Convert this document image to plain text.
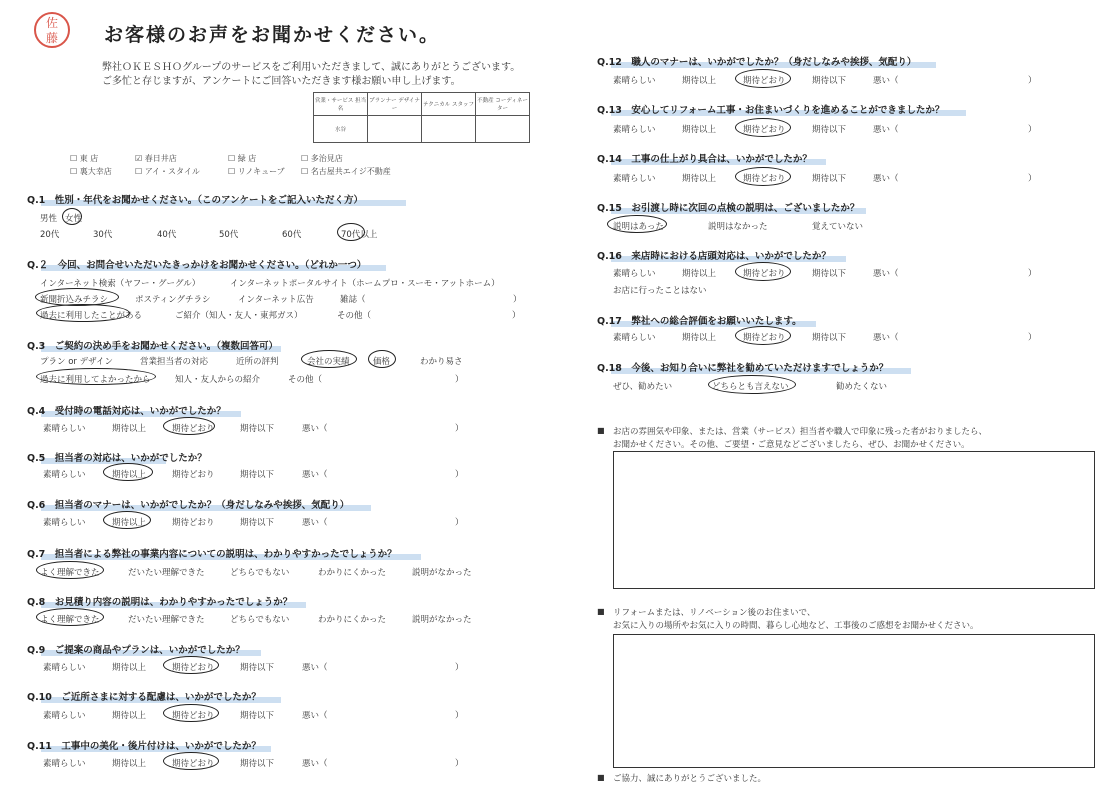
佐
藤	お客様のお声をお聞かせください。
弊社ＯＫＥＳＨＯグループのサービスをご利用いただきまして、誠にありがとうございます。
ご多忙と存じますが、アンケートにご回答いただきます様お願い申し上げます。
営業・サービス 担当名	プランナー デザイナー	テクニカル スタッフ	不動産 コーディネーター
水谷			
☐ 東 店	☑ 春日井店	☐ 緑 店	☐ 多治見店
☐ 裏大幸店	☐ アイ・スタイル	☐ リノキューブ ☐ 名古屋共エイジ不動産
Q.1　性別・年代をお聞かせください。（このアンケートをご記入いただく方）
男性 女性
20代	30代	40代	50代	60代	70代以上
Q.２　今回、お問合せいただいたきっかけをお聞かせください。（どれか一つ）
インターネット検索（ヤフー・グーグル）	インターネットポータルサイト（ホームプロ・スーモ・アットホーム）
新聞折込みチラシ	ポスティングチラシ	インターネット広告	雑誌（	）
過去に利用したことがある	ご紹介（知人・友人・東邦ガス）	その他（	）
Q.3　ご契約の決め手をお聞かせください。（複数回答可）
プラン or デザイン	営業担当者の対応	近所の評判	会社の実績	価格	わかり易さ
過去に利用してよかったから	知人・友人からの紹介	その他（	）
Q.4　受付時の電話対応は、いかがでしたか？
素晴らしい	期待以上	期待どおり	期待以下	悪い（	）
Q.5　担当者の対応は、いかがでしたか？
素晴らしい	期待以上	期待どおり	期待以下	悪い（	）
Q.6　担当者のマナーは、いかがでしたか？（身だしなみや挨拶、気配り）
素晴らしい	期待以上	期待どおり	期待以下	悪い（	）
Q.7　担当者による弊社の事業内容についての説明は、わかりやすかったでしょうか？
よく理解できた	だいたい理解できた	どちらでもない	わかりにくかった	説明がなかった
Q.8　お見積り内容の説明は、わかりやすかったでしょうか？
よく理解できた	だいたい理解できた	どちらでもない	わかりにくかった	説明がなかった
Q.9　ご提案の商品やプランは、いかがでしたか？
素晴らしい	期待以上	期待どおり	期待以下	悪い（	）
Q.10　ご近所さまに対する配慮は、いかがでしたか？
素晴らしい	期待以上	期待どおり	期待以下	悪い（	）
Q.11　工事中の美化・後片付けは、いかがでしたか？
素晴らしい	期待以上	期待どおり	期待以下	悪い（	）
Q.12　職人のマナーは、いかがでしたか？（身だしなみや挨拶、気配り）
素晴らしい	期待以上	期待どおり	期待以下	悪い（	）
Q.13　安心してリフォーム工事・お住まいづくりを進めることができましたか？
素晴らしい	期待以上	期待どおり	期待以下	悪い（	）
Q.14　工事の仕上がり具合は、いかがでしたか？
素晴らしい	期待以上	期待どおり	期待以下	悪い（	）
Q.15　お引渡し時に次回の点検の説明は、ございましたか？
説明はあった	説明はなかった	覚えていない
Q.16　来店時における店頭対応は、いかがでしたか？
素晴らしい	期待以上	期待どおり	期待以下	悪い（	）
お店に行ったことはない
Q.17　弊社への総合評価をお願いいたします。
素晴らしい	期待以上	期待どおり	期待以下	悪い（	）
Q.18　今後、お知り合いに弊社を勧めていただけますでしょうか？
ぜひ、勧めたい	どちらとも言えない	勧めたくない
■ お店の雰囲気や印象、または、営業（サービス）担当者や職人で印象に残った者がおりましたら、
お聞かせください。その他、ご要望・ご意見などございましたら、ぜひ、お聞かせください。
■ リフォームまたは、リノベーション後のお住まいで、
お気に入りの場所やお気に入りの時間、暮らし心地など、工事後のご感想をお聞かせください。
■ ご協力、誠にありがとうございました。
